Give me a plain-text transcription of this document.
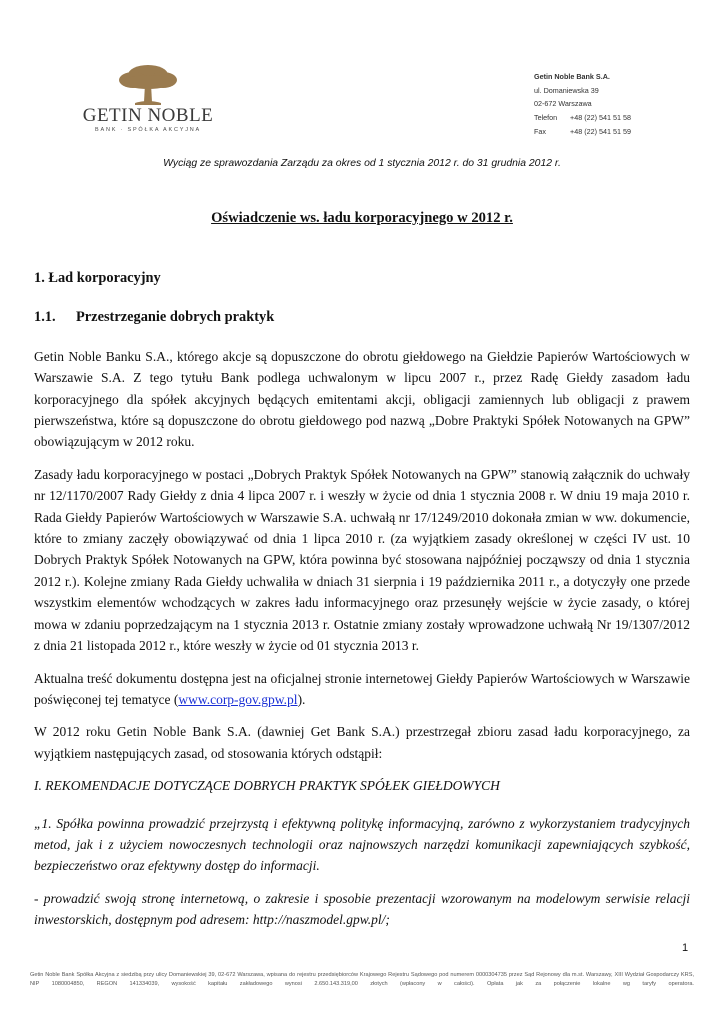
GETIN NOBLE
BANK · SPÓŁKA AKCYJNA
Getin Noble Bank S.A.
ul. Domaniewska 39
02-672 Warszawa
Telefon	+48 (22) 541 51 58
Fax	+48 (22) 541 51 59
Wyciąg ze sprawozdania Zarządu za okres od 1 stycznia 2012 r. do 31 grudnia 2012 r.
Oświadczenie ws. ładu korporacyjnego w 2012 r.
1. Ład korporacyjny
1.1. Przestrzeganie dobrych praktyk

Getin Noble Banku S.A., którego akcje są dopuszczone do obrotu giełdowego na Giełdzie Papierów Wartościowych w Warszawie S.A. Z tego tytułu Bank podlega uchwalonym w lipcu 2007 r., przez Radę Giełdy zasadom ładu korporacyjnego dla spółek akcyjnych będących emitentami akcji, obligacji zamiennych lub obligacji z prawem pierwszeństwa, które są dopuszczone do obrotu giełdowego pod nazwą „Dobre Praktyki Spółek Notowanych na GPW” obowiązującym w 2012 roku.

Zasady ładu korporacyjnego w postaci „Dobrych Praktyk Spółek Notowanych na GPW” stanowią załącznik do uchwały nr 12/1170/2007 Rady Giełdy z dnia 4 lipca 2007 r. i weszły w życie od dnia 1 stycznia 2008 r. W dniu 19 maja 2010 r. Rada Giełdy Papierów Wartościowych w Warszawie S.A. uchwałą nr 17/1249/2010 dokonała zmian w ww. dokumencie, które to zmiany zaczęły obowiązywać od dnia 1 lipca 2010 r. (za wyjątkiem zasady określonej w części IV ust. 10 Dobrych Praktyk Spółek Notowanych na GPW, która powinna być stosowana najpóźniej począwszy od dnia 1 stycznia 2012 r.). Kolejne zmiany Rada Giełdy uchwaliła w dniach 31 sierpnia i 19 października 2011 r., a dotyczyły one przede wszystkim elementów wchodzących w zakres ładu informacyjnego oraz przesunęły wejście w życie zasady, o której mowa w zdaniu poprzedzającym na 1 stycznia 2013 r. Ostatnie zmiany zostały wprowadzone uchwałą Nr 19/1307/2012 z dnia 21 listopada 2012 r., które weszły w życie od 01 stycznia 2013 r.

Aktualna treść dokumentu dostępna jest na oficjalnej stronie internetowej Giełdy Papierów Wartościowych w Warszawie poświęconej tej tematyce (www.corp-gov.gpw.pl).

W 2012 roku Getin Noble Bank S.A. (dawniej Get Bank S.A.) przestrzegał zbioru zasad ładu korporacyjnego, za wyjątkiem następujących zasad, od stosowania których odstąpił:

I. REKOMENDACJE DOTYCZĄCE DOBRYCH PRAKTYK SPÓŁEK GIEŁDOWYCH

„1. Spółka powinna prowadzić przejrzystą i efektywną politykę informacyjną, zarówno z wykorzystaniem tradycyjnych metod, jak i z użyciem nowoczesnych technologii oraz najnowszych narzędzi komunikacji zapewniających szybkość, bezpieczeństwo oraz efektywny dostęp do informacji.

- prowadzić swoją stronę internetową, o zakresie i sposobie prezentacji wzorowanym na modelowym serwisie relacji inwestorskich, dostępnym pod adresem: http://naszmodel.gpw.pl/;

1
Getin Noble Bank Spółka Akcyjna z siedzibą przy ulicy Domaniewskiej 39, 02-672 Warszawa, wpisana do rejestru przedsiębiorców Krajowego Rejestru Sądowego pod numerem 0000304735 przez Sąd Rejonowy dla m.st. Warszawy, XIII Wydział Gospodarczy KRS, NIP 1080004850, REGON 141334039, wysokość kapitału zakładowego wynosi 2.650.143.319,00 złotych (wpłacony w całości). Opłata jak za połączenie lokalne wg taryfy operatora.
